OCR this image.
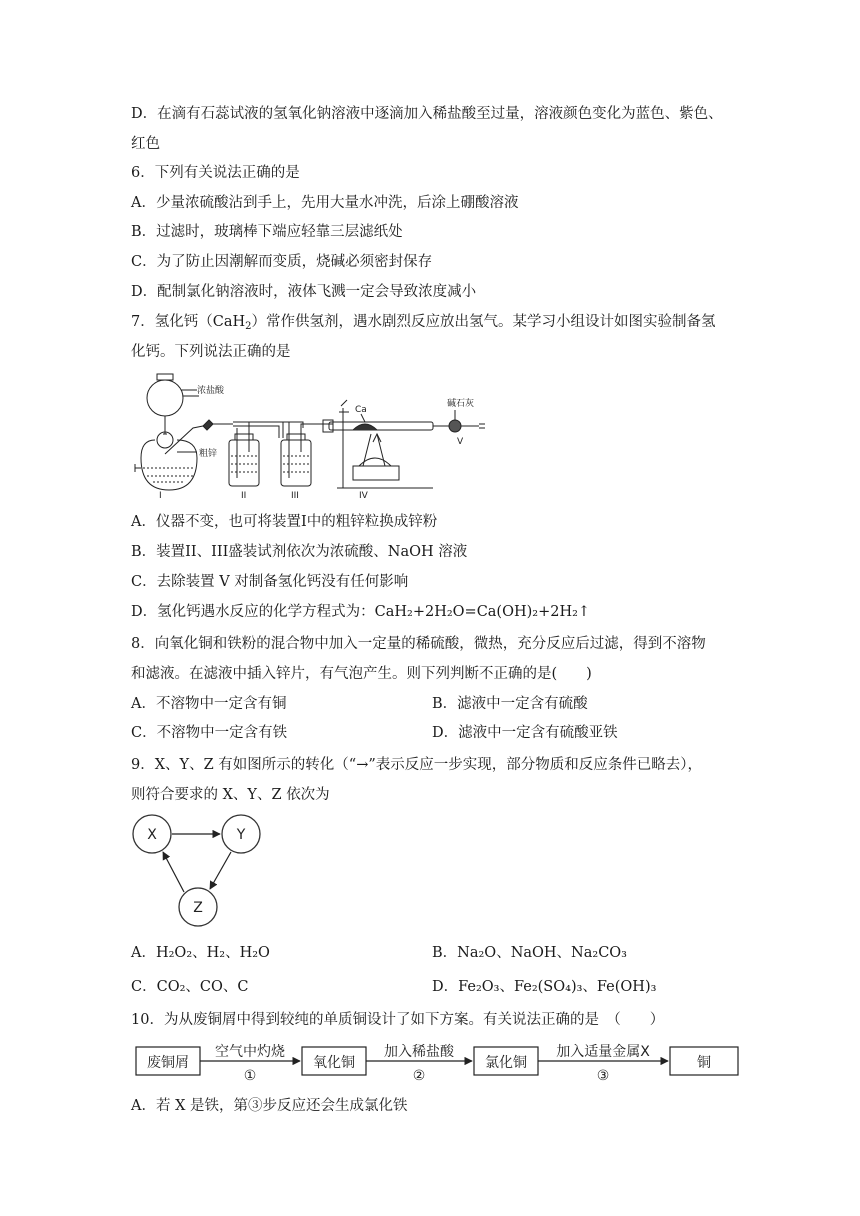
D．在滴有石蕊试液的氢氧化钠溶液中逐滴加入稀盐酸至过量，溶液颜色变化为蓝色、紫色、
红色
6．下列有关说法正确的是
A．少量浓硫酸沾到手上，先用大量水冲洗，后涂上硼酸溶液
B．过滤时，玻璃棒下端应轻靠三层滤纸处
C．为了防止因潮解而变质，烧碱必须密封保存
D．配制氯化钠溶液时，液体飞溅一定会导致浓度减小
7．氢化钙（CaH$_2$）常作供氢剂，遇水剧烈反应放出氢气。某学习小组设计如图实验制备氢
化钙。下列说法正确的是
浓盐酸
粗锌
Ca
碱石灰
I	II	III	IV
V
A．仪器不变，也可将装置I中的粗锌粒换成锌粉
B．装置II、III盛装试剂依次为浓硫酸、NaOH 溶液
C．去除装置 V 对制备氢化钙没有任何影响
D．氢化钙遇水反应的化学方程式为：CaH₂+2H₂O=Ca(OH)₂+2H₂↑
8．向氧化铜和铁粉的混合物中加入一定量的稀硫酸，微热，充分反应后过滤，得到不溶物
和滤液。在滤液中插入锌片，有气泡产生。则下列判断不正确的是(　　)
A．不溶物中一定含有铜	B．滤液中一定含有硫酸
C．不溶物中一定含有铁	D．滤液中一定含有硫酸亚铁
9．X、Y、Z 有如图所示的转化（“→”表示反应一步实现，部分物质和反应条件已略去），
则符合要求的 X、Y、Z 依次为
X	Y
Z
A．H₂O₂、H₂、H₂O	B．Na₂O、NaOH、Na₂CO₃
C．CO₂、CO、C	D．Fe₂O₃、Fe₂(SO₄)₃、Fe(OH)₃
10．为从废铜屑中得到较纯的单质铜设计了如下方案。有关说法正确的是　（　　）
废铜屑	氧化铜	氯化铜	铜
空气中灼烧	加入稀盐酸	加入适量金属X
①	②	③
A．若 X 是铁，第③步反应还会生成氯化铁
